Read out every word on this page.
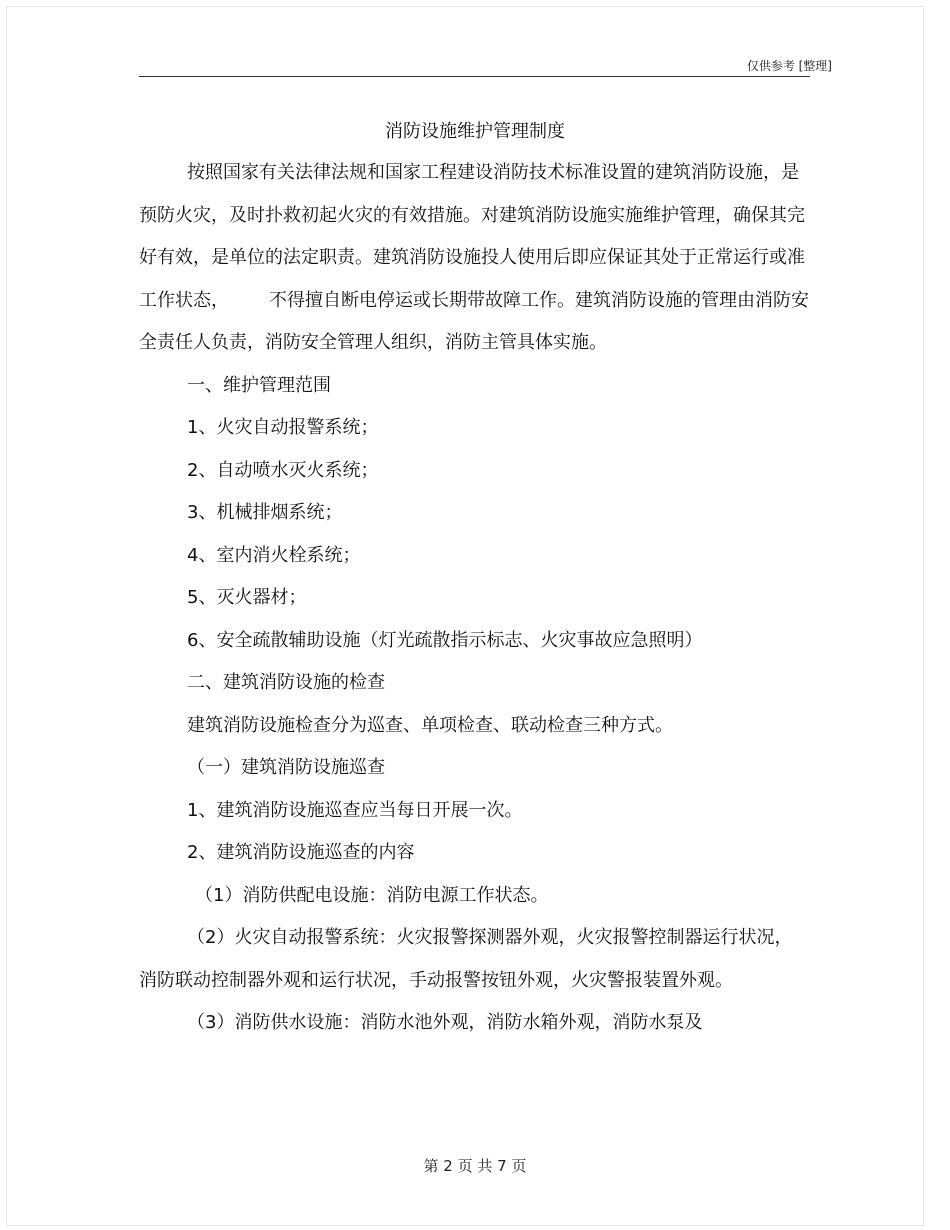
仅供参考 [整理]
消防设施维护管理制度

按照国家有关法律法规和国家工程建设消防技术标准设置的建筑消防设施，是预防火灾，及时扑救初起火灾的有效措施。对建筑消防设施实施维护管理，确保其完好有效，是单位的法定职责。建筑消防设施投人使用后即应保证其处于正常运行或准工作状态， 不得擅自断电停运或长期带故障工作。建筑消防设施的管理由消防安全责任人负责，消防安全管理人组织，消防主管具体实施。

一、维护管理范围

1、火灾自动报警系统；

2、自动喷水灭火系统；

3、机械排烟系统；

4、室内消火栓系统；

5、灭火器材；

6、安全疏散辅助设施（灯光疏散指示标志、火灾事故应急照明）

二、建筑消防设施的检查

建筑消防设施检查分为巡查、单项检查、联动检查三种方式。

（一）建筑消防设施巡查

1、建筑消防设施巡查应当每日开展一次。

2、建筑消防设施巡查的内容

（1）消防供配电设施：消防电源工作状态。

（2）火灾自动报警系统：火灾报警探测器外观，火灾报警控制器运行状况，消防联动控制器外观和运行状况，手动报警按钮外观，火灾警报装置外观。

（3）消防供水设施：消防水池外观，消防水箱外观，消防水泵及

第 2 页 共 7 页
